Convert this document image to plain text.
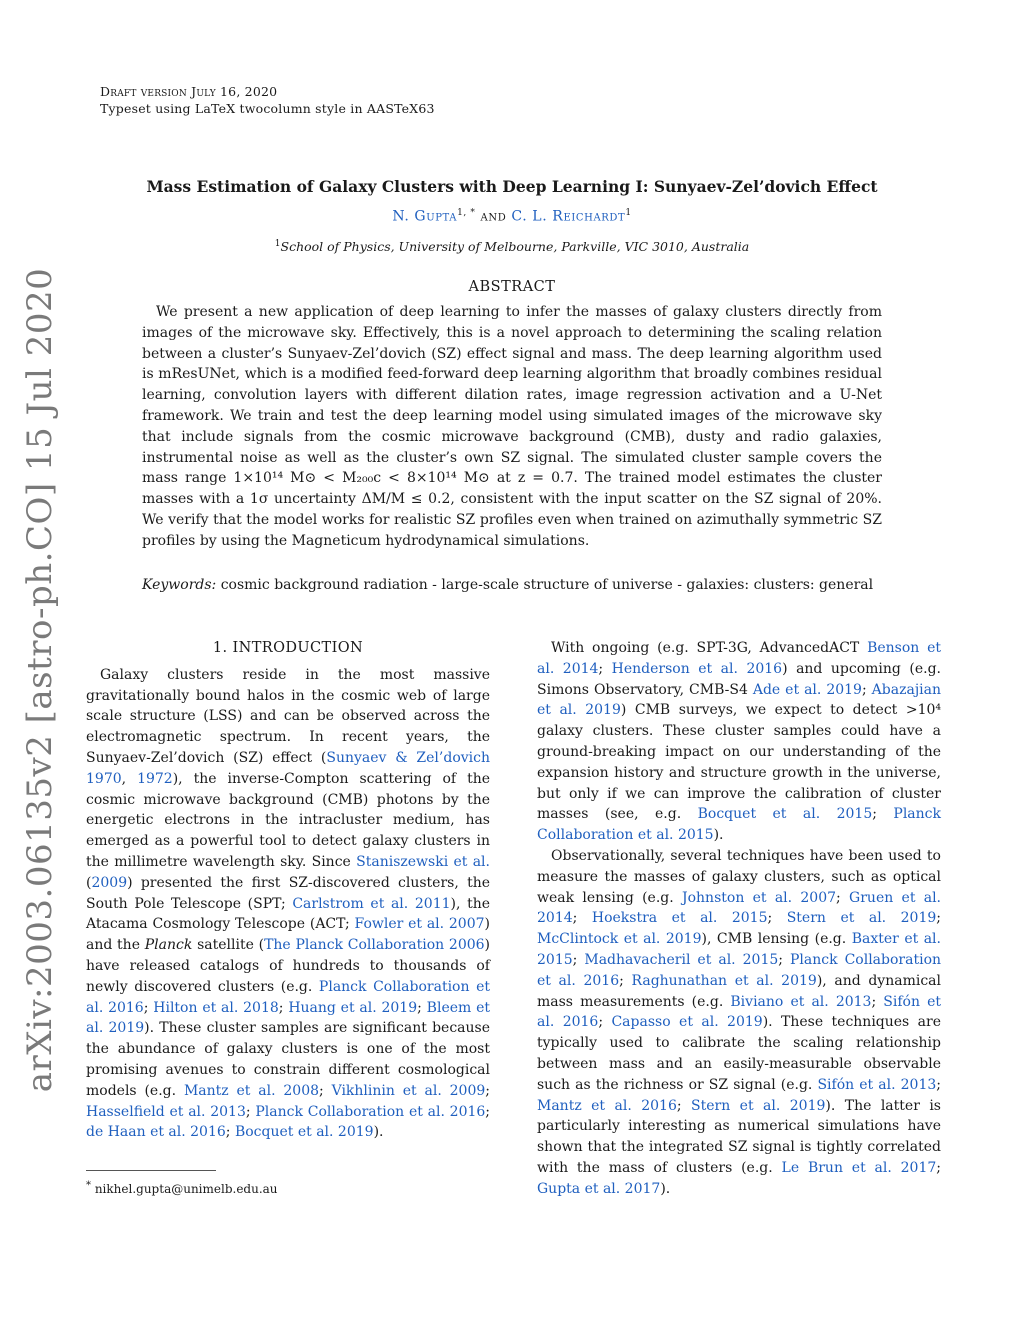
Draft version July 16, 2020
Typeset using LaTeX twocolumn style in AASTeX63
arXiv:2003.06135v2 [astro-ph.CO] 15 Jul 2020
Mass Estimation of Galaxy Clusters with Deep Learning I: Sunyaev-Zel’dovich Effect
N. Gupta$^{1, *}$ and C. L. Reichardt$^1$
$^1$School of Physics, University of Melbourne, Parkville, VIC 3010, Australia
ABSTRACT

We present a new application of deep learning to infer the masses of galaxy clusters directly from images of the microwave sky. Effectively, this is a novel approach to determining the scaling relation between a cluster’s Sunyaev-Zel’dovich (SZ) effect signal and mass. The deep learning algorithm used is mResUNet, which is a modified feed-forward deep learning algorithm that broadly combines residual learning, convolution layers with different dilation rates, image regression activation and a U-Net framework. We train and test the deep learning model using simulated images of the microwave sky that include signals from the cosmic microwave background (CMB), dusty and radio galaxies, instrumental noise as well as the cluster’s own SZ signal. The simulated cluster sample covers the mass range 1×10¹⁴ M⊙ < M₂₀₀c < 8×10¹⁴ M⊙ at z = 0.7. The trained model estimates the cluster masses with a 1σ uncertainty ΔM/M ≤ 0.2, consistent with the input scatter on the SZ signal of 20%. We verify that the model works for realistic SZ profiles even when trained on azimuthally symmetric SZ profiles by using the Magneticum hydrodynamical simulations.

Keywords: cosmic background radiation - large-scale structure of universe - galaxies: clusters: general
1. INTRODUCTION

Galaxy clusters reside in the most massive gravitationally bound halos in the cosmic web of large scale structure (LSS) and can be observed across the electromagnetic spectrum. In recent years, the Sunyaev-Zel’dovich (SZ) effect (Sunyaev & Zel’dovich 1970, 1972), the inverse-Compton scattering of the cosmic microwave background (CMB) photons by the energetic electrons in the intracluster medium, has emerged as a powerful tool to detect galaxy clusters in the millimetre wavelength sky. Since Staniszewski et al. (2009) presented the first SZ-discovered clusters, the South Pole Telescope (SPT; Carlstrom et al. 2011), the Atacama Cosmology Telescope (ACT; Fowler et al. 2007) and the Planck satellite (The Planck Collaboration 2006) have released catalogs of hundreds to thousands of newly discovered clusters (e.g. Planck Collaboration et al. 2016; Hilton et al. 2018; Huang et al. 2019; Bleem et al. 2019). These cluster samples are significant because the abundance of galaxy clusters is one of the most promising avenues to constrain different cosmological models (e.g. Mantz et al. 2008; Vikhlinin et al. 2009; Hasselfield et al. 2013; Planck Collaboration et al. 2016; de Haan et al. 2016; Bocquet et al. 2019).

With ongoing (e.g. SPT-3G, AdvancedACT Benson et al. 2014; Henderson et al. 2016) and upcoming (e.g. Simons Observatory, CMB-S4 Ade et al. 2019; Abazajian et al. 2019) CMB surveys, we expect to detect >10⁴ galaxy clusters. These cluster samples could have a ground-breaking impact on our understanding of the expansion history and structure growth in the universe, but only if we can improve the calibration of cluster masses (see, e.g. Bocquet et al. 2015; Planck Collaboration et al. 2015).

Observationally, several techniques have been used to measure the masses of galaxy clusters, such as optical weak lensing (e.g. Johnston et al. 2007; Gruen et al. 2014; Hoekstra et al. 2015; Stern et al. 2019; McClintock et al. 2019), CMB lensing (e.g. Baxter et al. 2015; Madhavacheril et al. 2015; Planck Collaboration et al. 2016; Raghunathan et al. 2019), and dynamical mass measurements (e.g. Biviano et al. 2013; Sifón et al. 2016; Capasso et al. 2019). These techniques are typically used to calibrate the scaling relationship between mass and an easily-measurable observable such as the richness or SZ signal (e.g. Sifón et al. 2013; Mantz et al. 2016; Stern et al. 2019). The latter is particularly interesting as numerical simulations have shown that the integrated SZ signal is tightly correlated with the mass of clusters (e.g. Le Brun et al. 2017; Gupta et al. 2017).

* nikhel.gupta@unimelb.edu.au
